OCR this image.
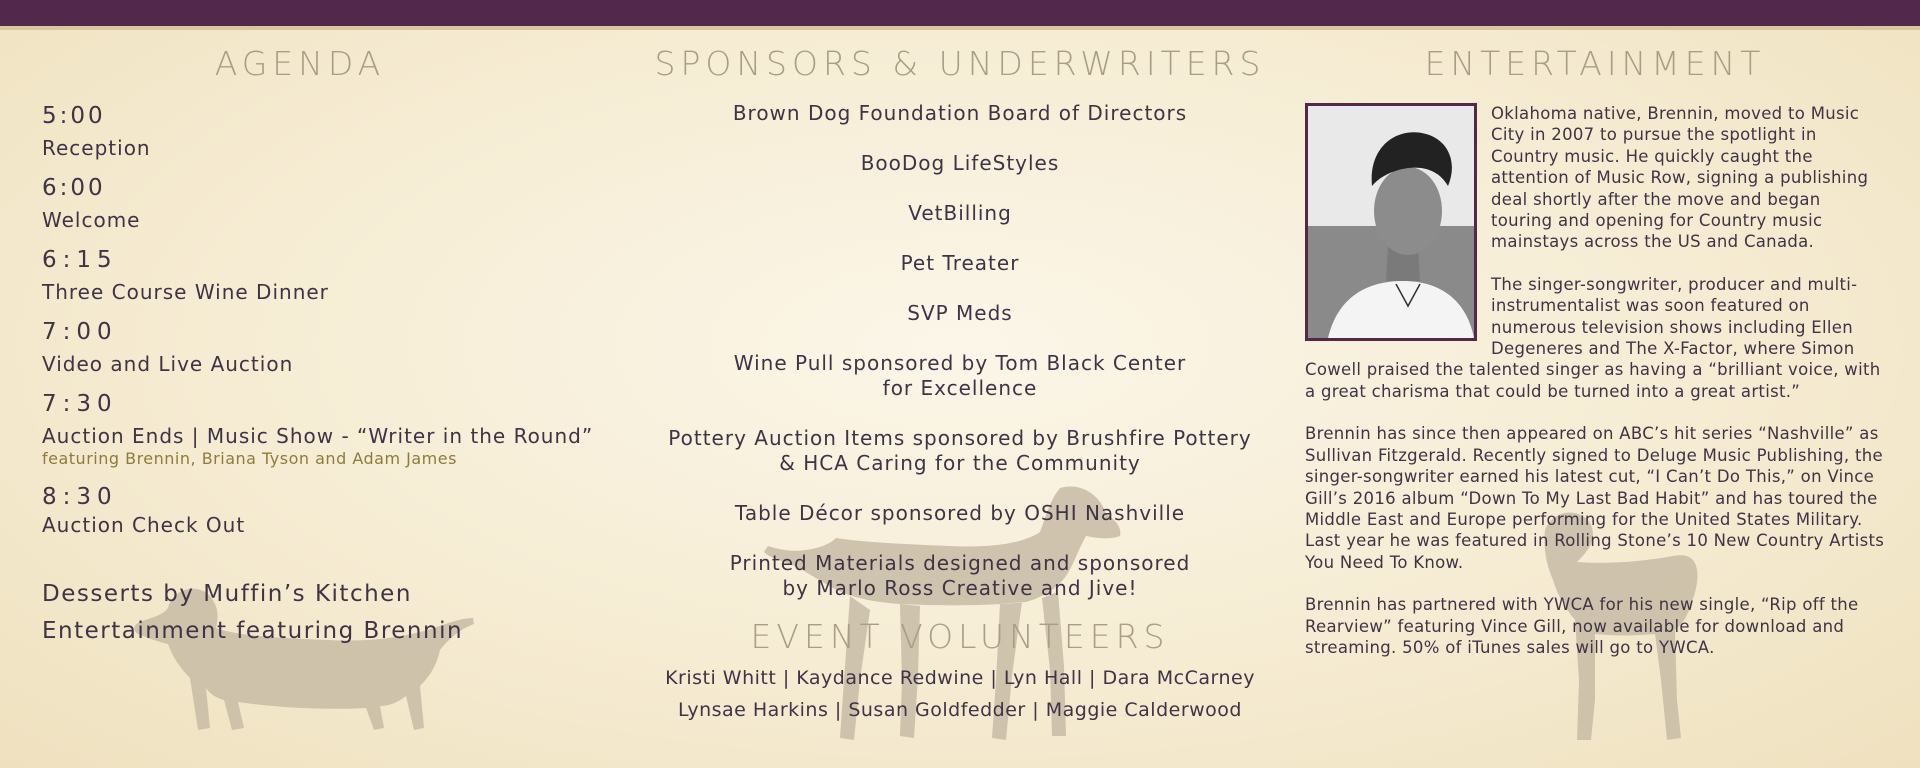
AGENDA

5:00

Reception

6:00

Welcome

6:15

Three Course Wine Dinner

7:00

Video and Live Auction

7:30

Auction Ends | Music Show - “Writer in the Round”

featuring Brennin, Briana Tyson and Adam James

8:30

Auction Check Out

Desserts by Muffin’s Kitchen

Entertainment featuring Brennin

SPONSORS & UNDERWRITERS

Brown Dog Foundation Board of Directors

BooDog LifeStyles

VetBilling

Pet Treater

SVP Meds

Wine Pull sponsored by Tom Black Center
for Excellence

Pottery Auction Items sponsored by Brushfire Pottery
& HCA Caring for the Community

Table Décor sponsored by OSHI Nashville

Printed Materials designed and sponsored
by Marlo Ross Creative and Jive!

EVENT VOLUNTEERS

Kristi Whitt | Kaydance Redwine | Lyn Hall | Dara McCarney

Lynsae Harkins | Susan Goldfedder | Maggie Calderwood

ENTERTAINMENT

Oklahoma native, Brennin, moved to Music City in 2007 to pursue the spotlight in Country music. He quickly caught the attention of Music Row, signing a publishing deal shortly after the move and began touring and opening for Country music mainstays across the US and Canada.

The singer-songwriter, producer and multi-instrumentalist was soon featured on numerous television shows including Ellen Degeneres and The X-Factor, where Simon Cowell praised the talented singer as having a “brilliant voice, with a great charisma that could be turned into a great artist.”

Brennin has since then appeared on ABC’s hit series “Nashville” as Sullivan Fitzgerald. Recently signed to Deluge Music Publishing, the singer-songwriter earned his latest cut, “I Can’t Do This,” on Vince Gill’s 2016 album “Down To My Last Bad Habit” and has toured the Middle East and Europe performing for the United States Military. Last year he was featured in Rolling Stone’s 10 New Country Artists You Need To Know.

Brennin has partnered with YWCA for his new single, “Rip off the Rearview” featuring Vince Gill, now available for download and streaming. 50% of iTunes sales will go to YWCA.
